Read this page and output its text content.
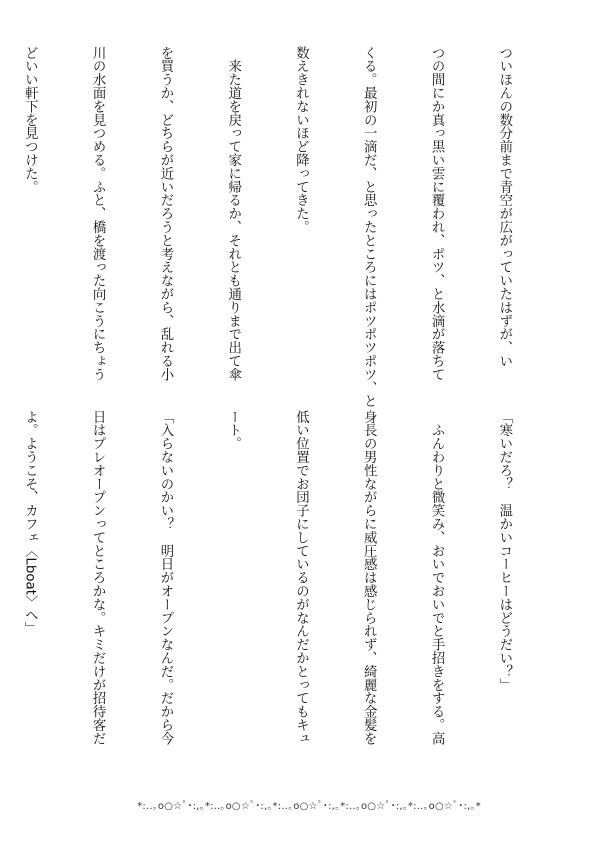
ついほんの数分前まで青空が広がっていたはずが、い

つの間にか真っ黒い雲に覆われ、ポツ、と水滴が落ちて

くる。最初の一滴だ、と思ったところにはポツポツポツ、と

数えきれないほど降ってきた。

　来た道を戻って家に帰るか、それとも通りまで出て傘

を買うか、どちらが近いだろうと考えながら、乱れる小

川の水面を見つめる。ふと、橋を渡った向こうにちょう

どいい軒下を見つけた。

「寒いだろ？　温かいコーヒーはどうだい？」

　ふんわりと微笑み、おいでおいでと手招きをする。高

身長の男性ながらに威圧感は感じられず、綺麗な金髪を

低い位置でお団子にしているのがなんだかとってもキュ

ート。

「入らないのかい？　明日がオープンなんだ。だから今

日はプレオープンってところかな。キミだけが招待客だ

よ。ようこそ、カフェ〈Lboat〉へ」

*:..｡o○☆ﾟ･:,｡*:..｡o○☆ﾟ･:,｡*:..｡o○☆ﾟ･:,｡*:..｡o○☆ﾟ･:,｡*:..｡o○☆ﾟ･:,｡*
